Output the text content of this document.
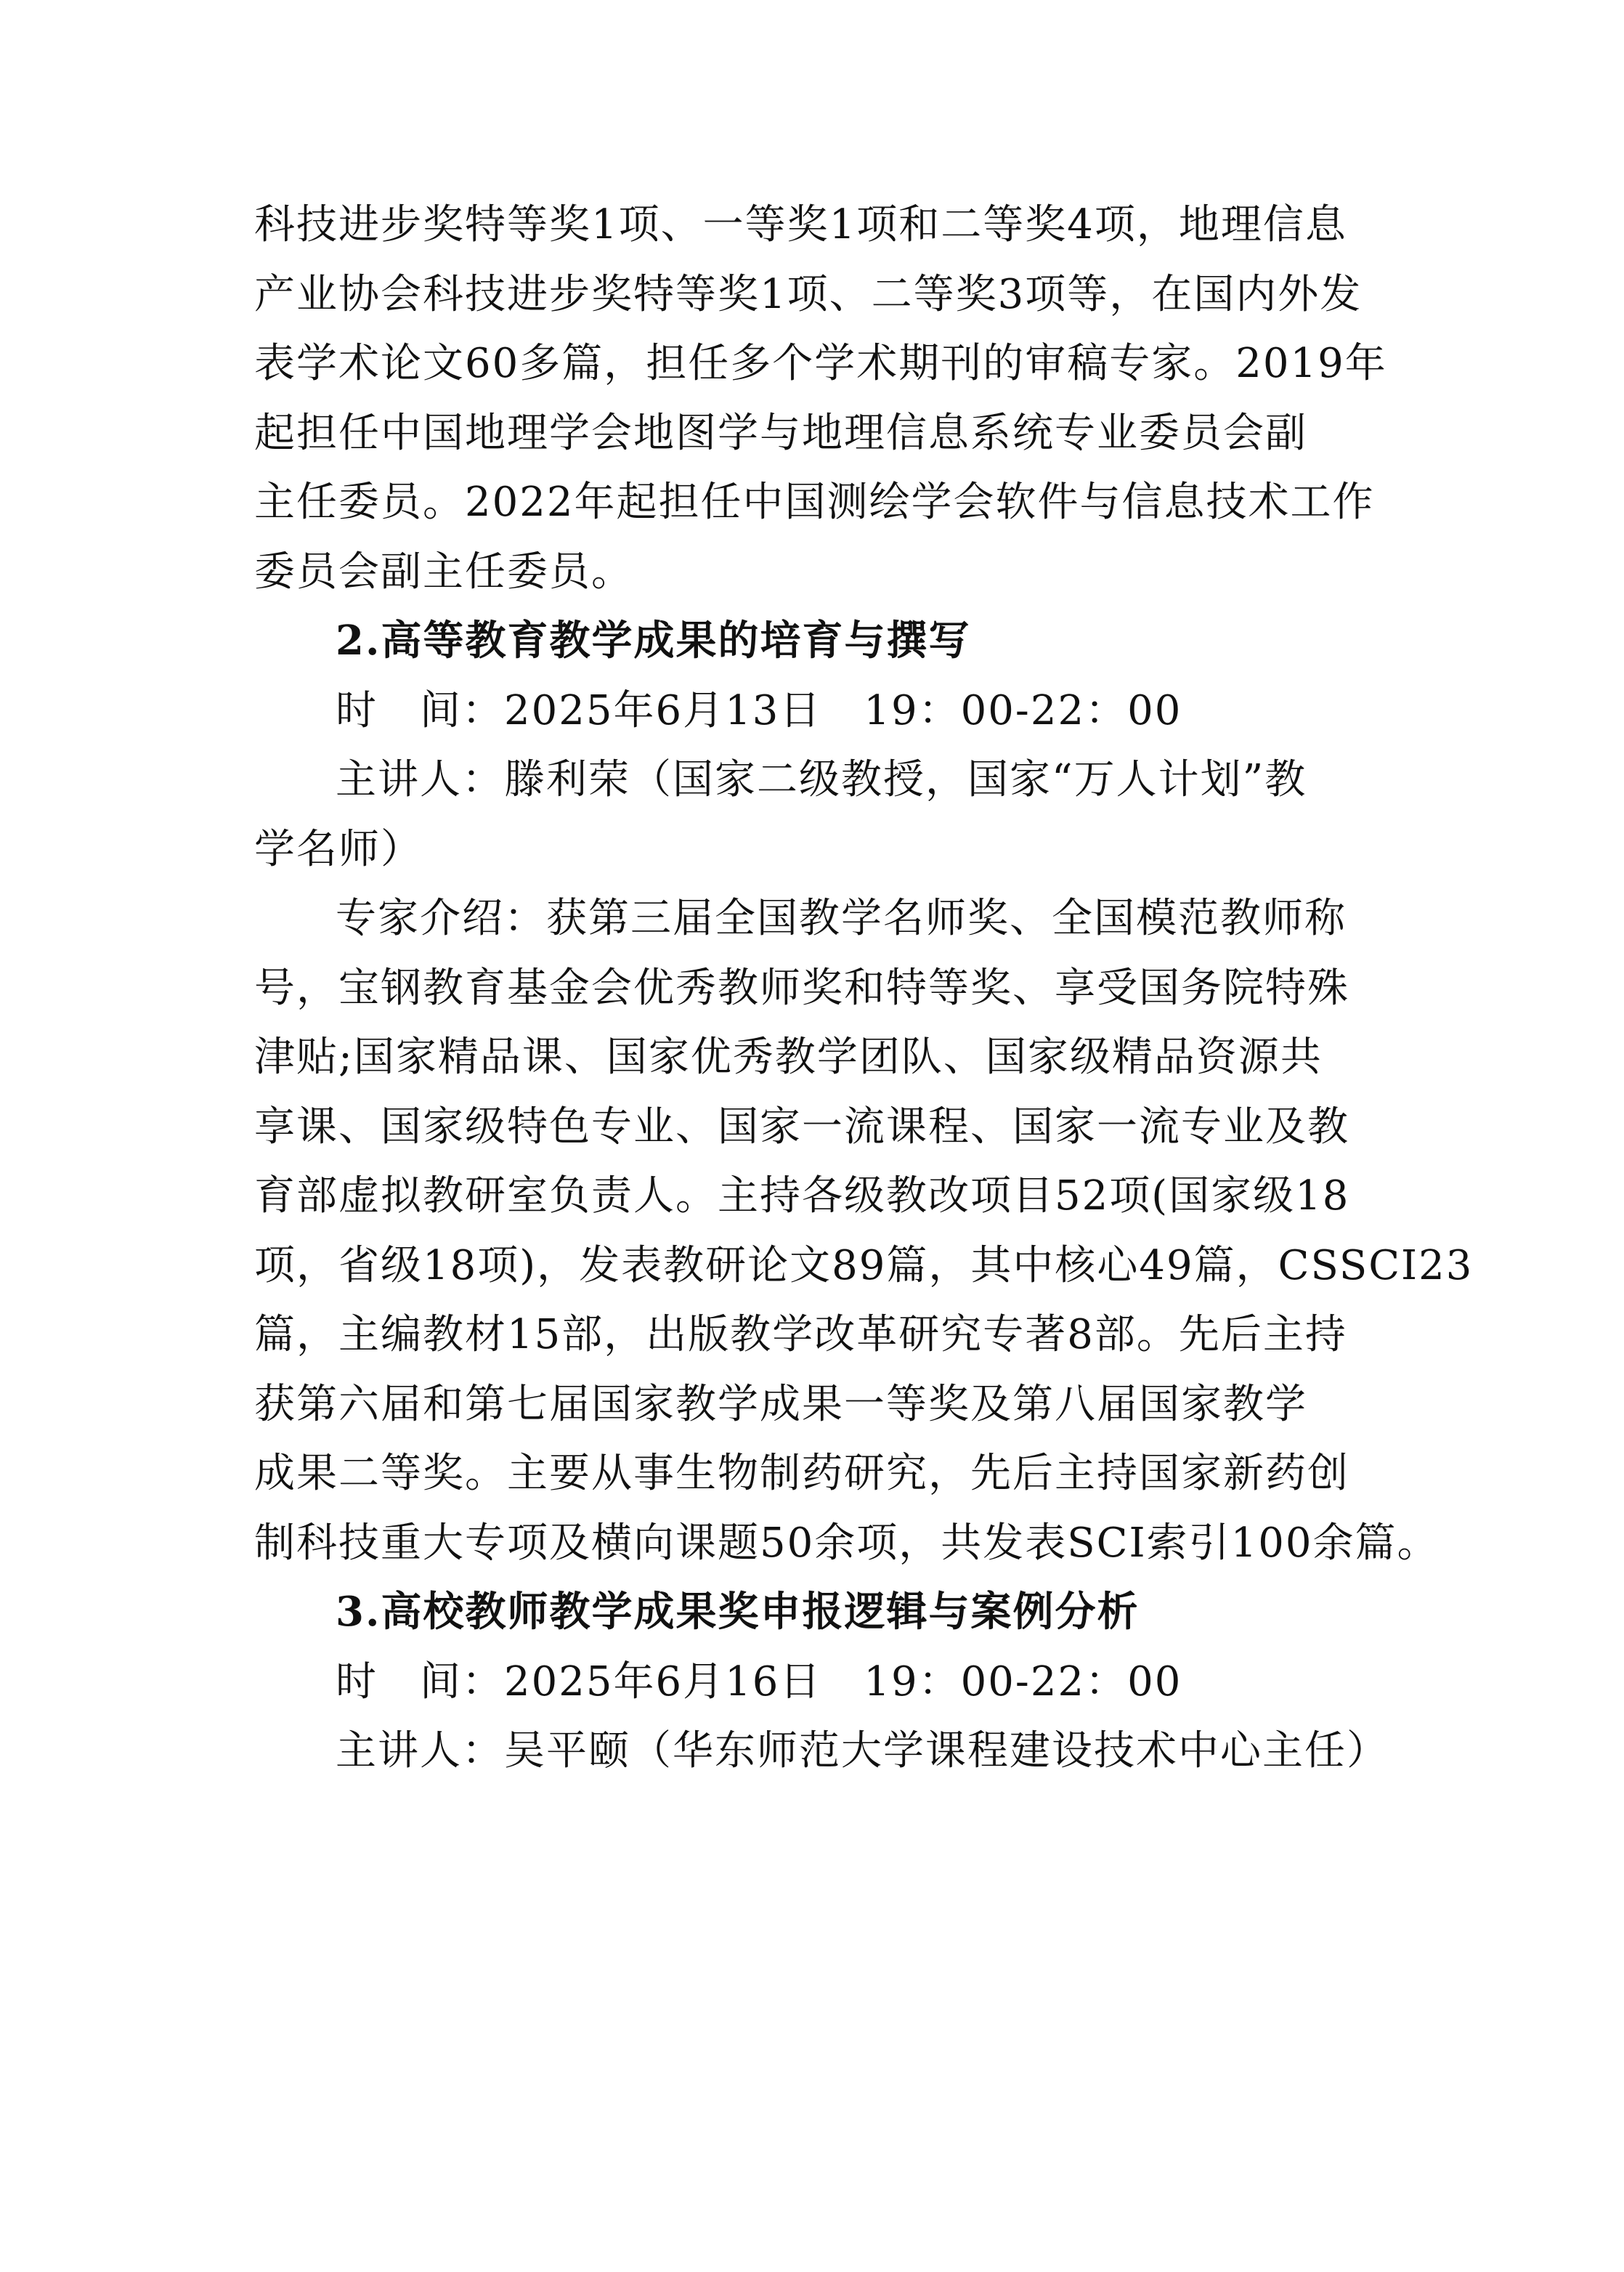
科技进步奖特等奖1项、一等奖1项和二等奖4项，地理信息
产业协会科技进步奖特等奖1项、二等奖3项等，在国内外发
表学术论文60多篇，担任多个学术期刊的审稿专家。2019年
起担任中国地理学会地图学与地理信息系统专业委员会副
主任委员。2022年起担任中国测绘学会软件与信息技术工作
委员会副主任委员。
2.高等教育教学成果的培育与撰写
时　间：2025年6月13日　19：00-22：00
主讲人：滕利荣（国家二级教授，国家“万人计划”教
学名师）
专家介绍：获第三届全国教学名师奖、全国模范教师称
号，宝钢教育基金会优秀教师奖和特等奖、享受国务院特殊
津贴;国家精品课、国家优秀教学团队、国家级精品资源共
享课、国家级特色专业、国家一流课程、国家一流专业及教
育部虚拟教研室负责人。主持各级教改项目52项(国家级18
项，省级18项)，发表教研论文89篇，其中核心49篇，CSSCI23
篇，主编教材15部，出版教学改革研究专著8部。先后主持
获第六届和第七届国家教学成果一等奖及第八届国家教学
成果二等奖。主要从事生物制药研究，先后主持国家新药创
制科技重大专项及横向课题50余项，共发表SCI索引100余篇。
3.高校教师教学成果奖申报逻辑与案例分析
时　间：2025年6月16日　19：00-22：00
主讲人：吴平颐（华东师范大学课程建设技术中心主任）
